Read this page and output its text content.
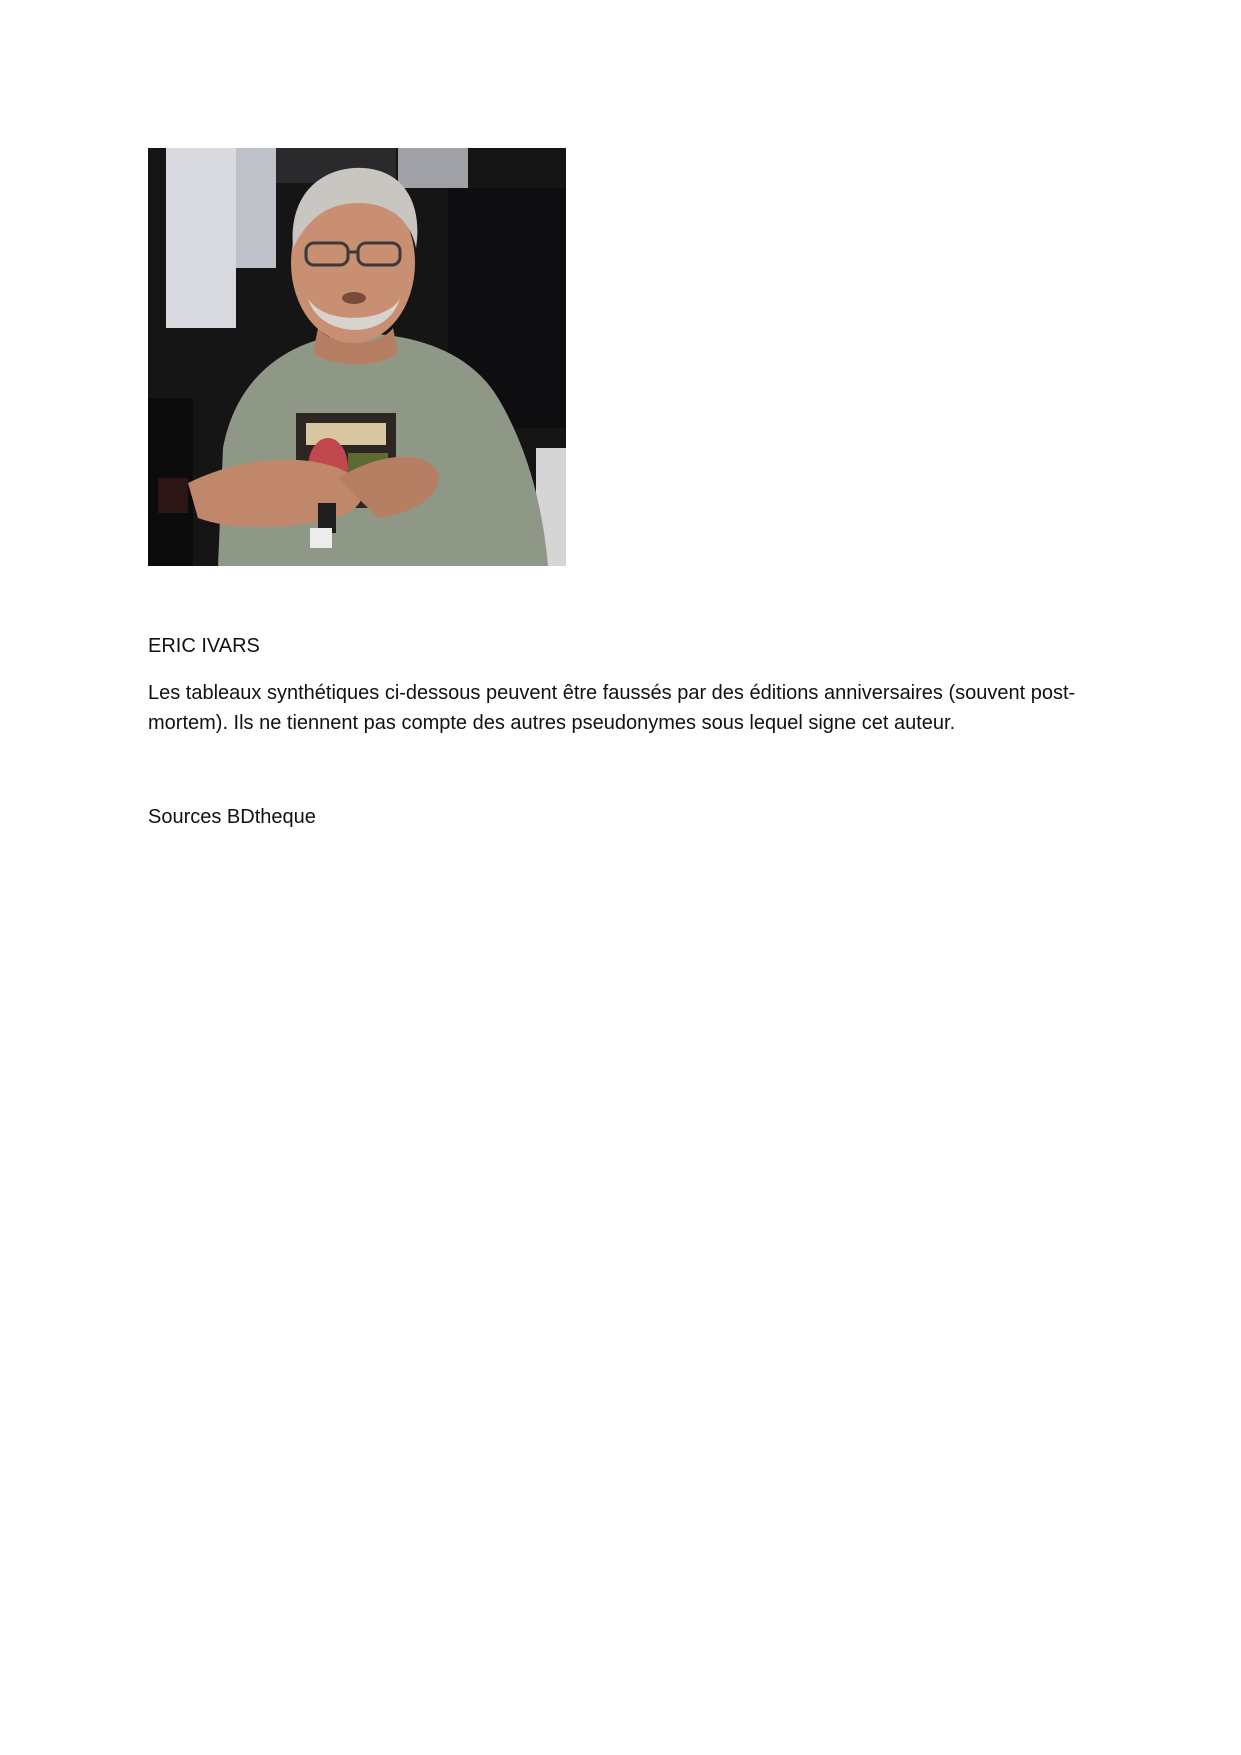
ERIC IVARS

Les tableaux synthétiques ci-dessous peuvent être faussés par des éditions anniversaires (souvent post-mortem). Ils ne tiennent pas compte des autres pseudonymes sous lequel signe cet auteur.

Sources BDtheque
